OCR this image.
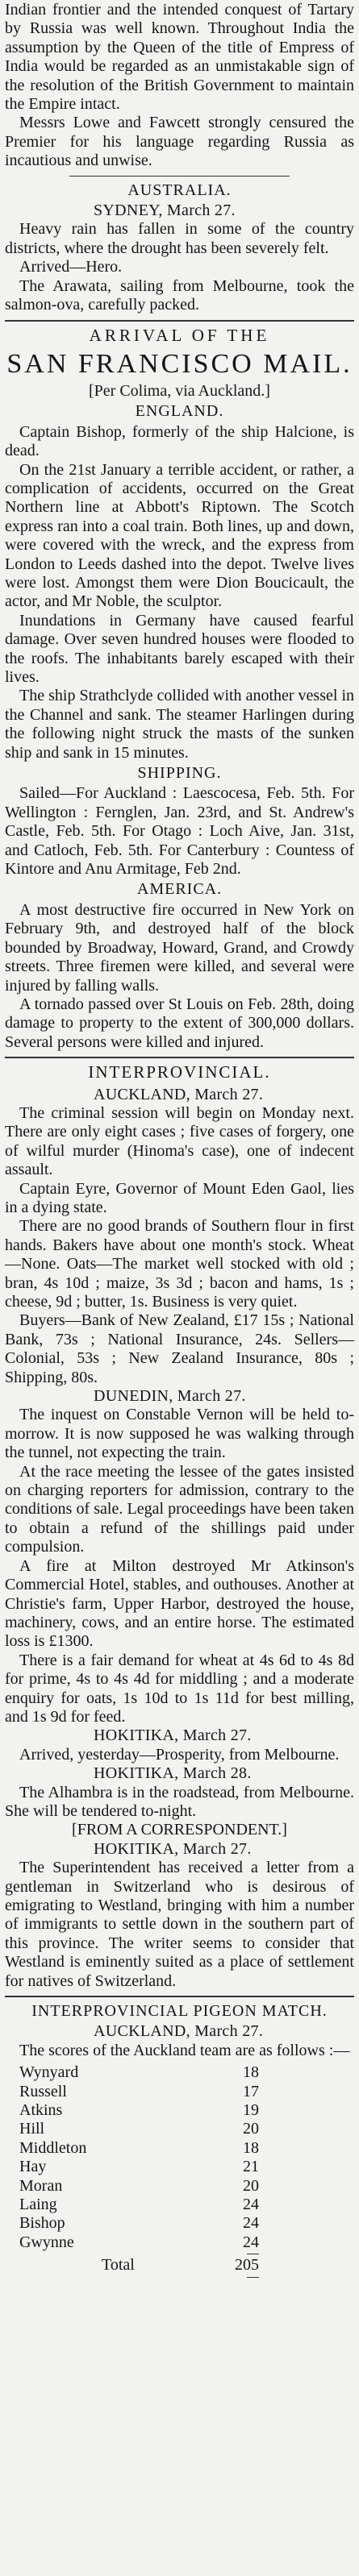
Indian frontier and the intended conquest of Tartary by Russia was well known. Throughout India the assumption by the Queen of the title of Empress of India would be regarded as an unmistakable sign of the resolution of the British Government to maintain the Empire intact.

Messrs Lowe and Fawcett strongly censured the Premier for his language regarding Russia as incautious and unwise.

AUSTRALIA.
SYDNEY, March 27.

Heavy rain has fallen in some of the country districts, where the drought has been severely felt.

Arrived—Hero.

The Arawata, sailing from Melbourne, took the salmon-ova, carefully packed.

ARRIVAL OF THE
SAN FRANCISCO MAIL.
[Per Colima, via Auckland.]
ENGLAND.

Captain Bishop, formerly of the ship Halcione, is dead.

On the 21st January a terrible accident, or rather, a complication of accidents, occurred on the Great Northern line at Abbott's Riptown. The Scotch express ran into a coal train. Both lines, up and down, were covered with the wreck, and the express from London to Leeds dashed into the depot. Twelve lives were lost. Amongst them were Dion Boucicault, the actor, and Mr Noble, the sculptor.

Inundations in Germany have caused fearful damage. Over seven hundred houses were flooded to the roofs. The inhabitants barely escaped with their lives.

The ship Strathclyde collided with another vessel in the Channel and sank. The steamer Harlingen during the following night struck the masts of the sunken ship and sank in 15 minutes.

SHIPPING.

Sailed—For Auckland : Laescocesa, Feb. 5th. For Wellington : Fernglen, Jan. 23rd, and St. Andrew's Castle, Feb. 5th. For Otago : Loch Aive, Jan. 31st, and Catloch, Feb. 5th. For Canterbury : Countess of Kintore and Anu Armitage, Feb 2nd.

AMERICA.

A most destructive fire occurred in New York on February 9th, and destroyed half of the block bounded by Broadway, Howard, Grand, and Crowdy streets. Three firemen were killed, and several were injured by falling walls.

A tornado passed over St Louis on Feb. 28th, doing damage to property to the extent of 300,000 dollars. Several persons were killed and injured.

INTERPROVINCIAL.
AUCKLAND, March 27.

The criminal session will begin on Monday next. There are only eight cases ; five cases of forgery, one of wilful murder (Hinoma's case), one of indecent assault.

Captain Eyre, Governor of Mount Eden Gaol, lies in a dying state.

There are no good brands of Southern flour in first hands. Bakers have about one month's stock. Wheat—None. Oats—The market well stocked with old ; bran, 4s 10d ; maize, 3s 3d ; bacon and hams, 1s ; cheese, 9d ; butter, 1s. Business is very quiet.

Buyers—Bank of New Zealand, £17 15s ; National Bank, 73s ; National Insurance, 24s. Sellers—Colonial, 53s ; New Zealand Insurance, 80s ; Shipping, 80s.

DUNEDIN, March 27.

The inquest on Constable Vernon will be held to-morrow. It is now supposed he was walking through the tunnel, not expecting the train.

At the race meeting the lessee of the gates insisted on charging reporters for admission, contrary to the conditions of sale. Legal proceedings have been taken to obtain a refund of the shillings paid under compulsion.

A fire at Milton destroyed Mr Atkinson's Commercial Hotel, stables, and outhouses. Another at Christie's farm, Upper Harbor, destroyed the house, machinery, cows, and an entire horse. The estimated loss is £1300.

There is a fair demand for wheat at 4s 6d to 4s 8d for prime, 4s to 4s 4d for middling ; and a moderate enquiry for oats, 1s 10d to 1s 11d for best milling, and 1s 9d for feed.

HOKITIKA, March 27.

Arrived, yesterday—Prosperity, from Melbourne.

HOKITIKA, March 28.

The Alhambra is in the roadstead, from Melbourne. She will be tendered to-night.

[FROM A CORRESPONDENT.]
HOKITIKA, March 27.

The Superintendent has received a letter from a gentleman in Switzerland who is desirous of emigrating to Westland, bringing with him a number of immigrants to settle down in the southern part of this province. The writer seems to consider that Westland is eminently suited as a place of settlement for natives of Switzerland.

INTERPROVINCIAL PIGEON MATCH.
AUCKLAND, March 27.

The scores of the Auckland team are as follows :—

Wynyard	18
Russell	17
Atkins	19
Hill	20
Middleton	18
Hay	21
Moran	20
Laing	24
Bishop	24
Gwynne	24
Total	205
